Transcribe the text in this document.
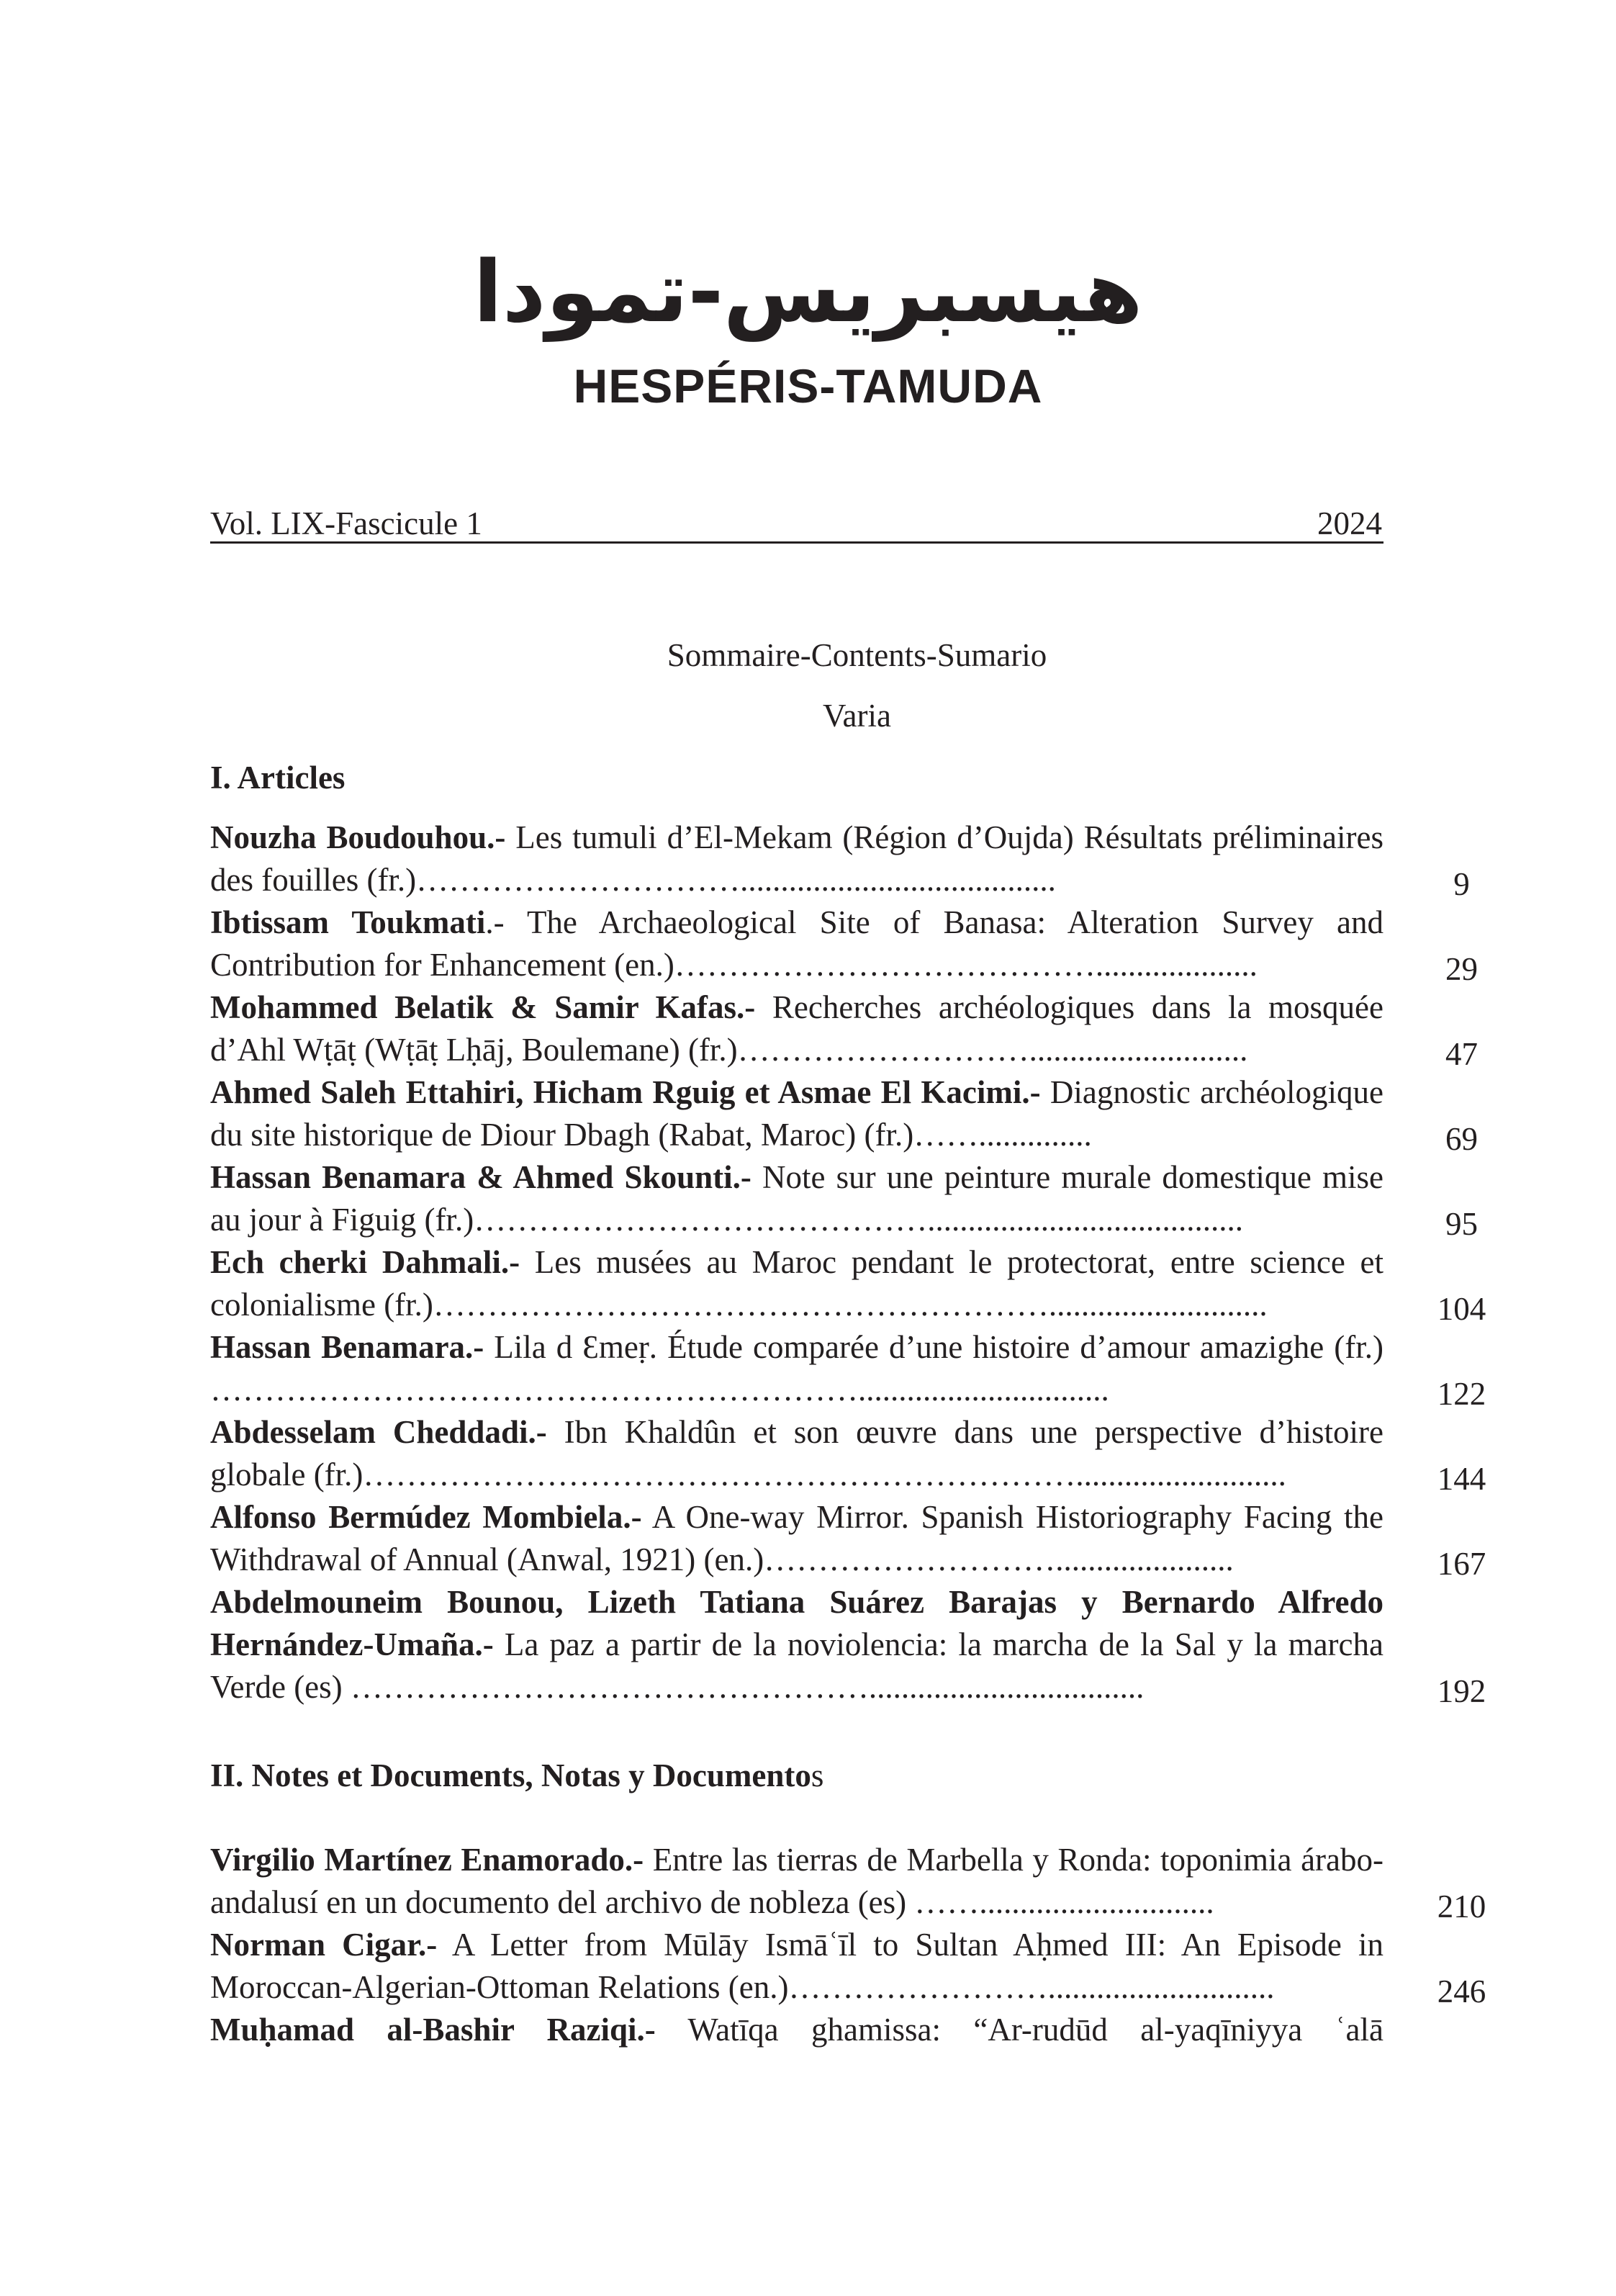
هيسبريس-تمودا
HESPÉRIS-TAMUDA
Vol. LIX-Fascicule 1	2024
Sommaire-Contents-Sumario
Varia
I. Articles
Nouzha Boudouhou.- Les tumuli d’El-Mekam (Région d’Oujda) Résultats préliminaires des fouilles (fr.)………………………….......................................	9
Ibtissam Toukmati.- The Archaeological Site of Banasa: Alteration Survey and Contribution for Enhancement (en.)…………………………………....................	29
Mohammed Belatik & Samir Kafas.- Recherches archéologiques dans la mosquée d’Ahl Wṭāṭ (Wṭāṭ Lḥāj, Boulemane) (fr.)………………………...........................	47
Ahmed Saleh Ettahiri, Hicham Rguig et Asmae El Kacimi.- Diagnostic archéologique du site historique de Diour Dbagh (Rabat, Maroc) (fr.)……..............	69
Hassan Benamara & Ahmed Skounti.- Note sur une peinture murale domestique mise au jour à Figuig (fr.)…………………………………….......................................	95
Ech cherki Dahmali.- Les musées au Maroc pendant le protectorat, entre science et colonialisme (fr.)…………………………………………………...........................	104
Hassan Benamara.- Lila d Ɛmeṛ. Étude comparée d’une histoire d’amour amazighe (fr.) ……………………………………………………...............................	122
Abdesselam Cheddadi.- Ibn Khaldûn et son œuvre dans une perspective d’histoire globale (fr.)…………………………………………………………..........................	144
Alfonso Bermúdez Mombiela.- A One-way Mirror. Spanish Historiography Facing the Withdrawal of Annual (Anwal, 1921) (en.)………………………......................	167
Abdelmouneim Bounou, Lizeth Tatiana Suárez Barajas y Bernardo Alfredo Hernández-Umaña.- La paz a partir de la noviolencia: la marcha de la Sal y la marcha Verde (es) …………………………………………..................................	192
II. Notes et Documents, Notas y Documentos
Virgilio Martínez Enamorado.- Entre las tierras de Marbella y Ronda: toponimia árabo-andalusí en un documento del archivo de nobleza (es) …….............................	210
Norman Cigar.- A Letter from Mūlāy Ismāʿīl to Sultan Aḥmed III: An Episode in Moroccan-Algerian-Ottoman Relations (en.)……………………............................	246
Muḥamad al-Bashir Raziqi.- Watīqa ghamissa: “Ar-rudūd al-yaqīniyya ʿalā
